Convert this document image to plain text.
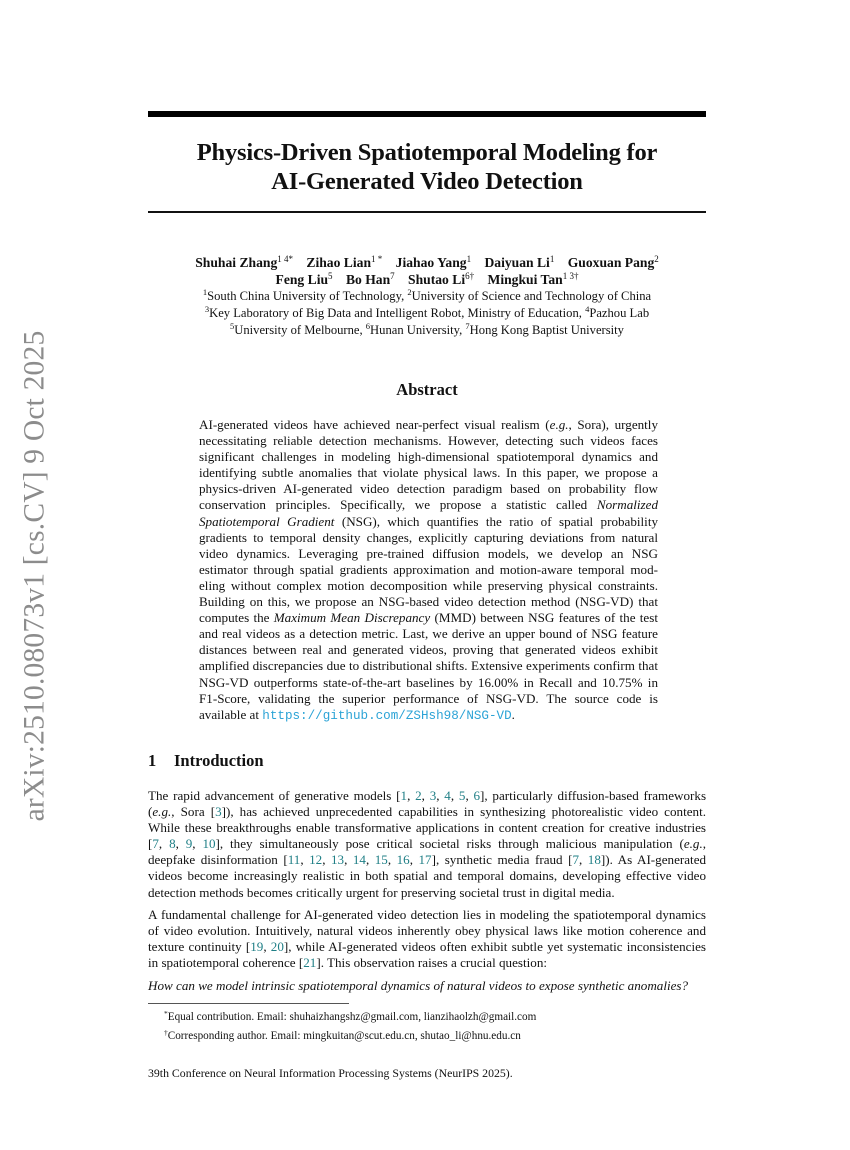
arXiv:2510.08073v1 [cs.CV] 9 Oct 2025
Physics-Driven Spatiotemporal Modeling for
AI-Generated Video Detection
Shuhai Zhang$^{1 4*}$ Zihao Lian$^{1 *}$ Jiahao Yang$^1$ Daiyuan Li$^1$ Guoxuan Pang$^2$
Feng Liu$^5$ Bo Han$^7$ Shutao $Li^{6\dagger}$ Mingkui Tan$^{1 3\dagger}$
$^1$South China University of Technology, $^2$University of Science and Technology of China
$^3$Key Laboratory of Big Data and Intelligent Robot, Ministry of Education, $^4$Pazhou Lab
$^5$University of Melbourne, $^6$Hunan University, $^7$Hong Kong Baptist University
Abstract
AI-generated videos have achieved near-perfect visual realism (e.g., Sora), urgently necessitating reliable detection mechanisms. However, detecting such videos faces significant challenges in modeling high-dimensional spatiotemporal dynamics and identifying subtle anomalies that violate physical laws. In this paper, we propose a physics-driven AI-generated video detection paradigm based on probability flow conservation principles. Specifically, we propose a statistic called Normalized Spatiotemporal Gradient (NSG), which quantifies the ratio of spatial probability gradients to temporal density changes, explicitly capturing deviations from natural video dynamics. Leveraging pre-trained diffusion models, we develop an NSG estimator through spatial gradients approximation and motion-aware temporal modeling without complex motion decomposition while preserving physical constraints. Building on this, we propose an NSG-based video detection method (NSG-VD) that computes the Maximum Mean Discrepancy (MMD) between NSG features of the test and real videos as a detection metric. Last, we derive an upper bound of NSG feature distances between real and generated videos, proving that generated videos exhibit amplified discrepancies due to distributional shifts. Extensive experiments confirm that NSG-VD outperforms state-of-the-art baselines by 16.00% in Recall and 10.75% in F1-Score, validating the superior performance of NSG-VD. The source code is available at https://github.com/ZSHsh98/NSG-VD.
1 Introduction
The rapid advancement of generative models [1, 2, 3, 4, 5, 6], particularly diffusion-based frameworks (e.g., Sora [3]), has achieved unprecedented capabilities in synthesizing photorealistic video content. While these breakthroughs enable transformative applications in content creation for creative industries [7, 8, 9, 10], they simultaneously pose critical societal risks through malicious manipulation (e.g., deepfake disinformation [11, 12, 13, 14, 15, 16, 17], synthetic media fraud [7, 18]). As AI-generated videos become increasingly realistic in both spatial and temporal domains, developing effective video detection methods becomes critically urgent for preserving societal trust in digital media.
A fundamental challenge for AI-generated video detection lies in modeling the spatiotemporal dynamics of video evolution. Intuitively, natural videos inherently obey physical laws like motion coherence and texture continuity [19, 20], while AI-generated videos often exhibit subtle yet systematic inconsistencies in spatiotemporal coherence [21]. This observation raises a crucial question:
How can we model intrinsic spatiotemporal dynamics of natural videos to expose synthetic anomalies?
*Equal contribution. Email: shuhaizhangshz@gmail.com, lianzihaolzh@gmail.com
†Corresponding author. Email: mingkuitan@scut.edu.cn, shutao_li@hnu.edu.cn
39th Conference on Neural Information Processing Systems (NeurIPS 2025).
